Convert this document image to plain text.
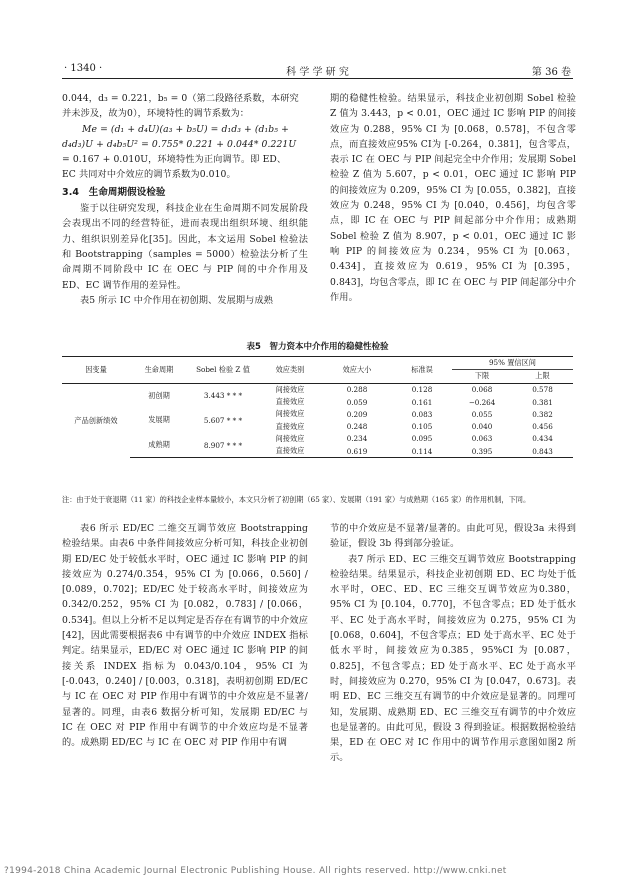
· 1340 ·	科 学 学 研 究	第 36 卷

0.044，d₃ = 0.221，b₅ = 0（第二段路径系数，本研究

并未涉及，故为0），环境特性的调节系数为：

Me = (d₁ + d₄U)(a₃ + b₅U) = d₁d₃ + (d₁b₅ +

d₄d₃)U + d₄b₅U² = 0.755* 0.221 + 0.044* 0.221U

= 0.167 + 0.010U，环境特性为正向调节。即 ED、

EC 共同对中介效应的调节系数为0.010。

3.4　生命周期假设检验

鉴于以往研究发现，科技企业在生命周期不同发展阶段会表现出不同的经营特征，进而表现出组织环境、组织能力、组织识别差异化[35]。因此，本文运用 Sobel 检验法和 Bootstrapping（samples = 5000）检验法分析了生命周期不同阶段中 IC 在 OEC 与 PIP 间的中介作用及 ED、EC 调节作用的差异性。

表5 所示 IC 中介作用在初创期、发展期与成熟

期的稳健性检验。结果显示，科技企业初创期 Sobel 检验 Z 值为 3.443，p < 0.01，OEC 通过 IC 影响 PIP 的间接效应为 0.288，95% CI 为 [0.068，0.578]，不包含零点，而直接效应95% CI为 [-0.264，0.381]，包含零点，表示 IC 在 OEC 与 PIP 间起完全中介作用；发展期 Sobel 检验 Z 值为 5.607，p < 0.01，OEC 通过 IC 影响 PIP 的间接效应为 0.209，95% CI 为 [0.055，0.382]，直接效应为 0.248，95% CI 为 [0.040，0.456]，均包含零点，即 IC 在 OEC 与 PIP 间起部分中介作用；成熟期 Sobel 检验 Z 值为 8.907，p < 0.01，OEC 通过 IC 影响 PIP 的间接效应为 0.234，95% CI 为 [0.063，0.434]，直接效应为 0.619，95% CI 为 [0.395，0.843]，均包含零点，即 IC 在 OEC 与 PIP 间起部分中介作用。

表5　智力资本中介作用的稳健性检验
因变量	生命周期	Sobel 检验 Z 值	效应类别	效应大小	标准误	95% 置信区间	
						下限	上限
产品创新绩效	初创期	3.443 * * *	间接效应	0.288	0.128	0.068	0.578
			直接效应	0.059	0.161	−0.264	0.381
	发展期	5.607 * * *	间接效应	0.209	0.083	0.055	0.382
			直接效应	0.248	0.105	0.040	0.456
	成熟期	8.907 * * *	间接效应	0.234	0.095	0.063	0.434
			直接效应	0.619	0.114	0.395	0.843
注：由于处于衰退期（11 家）的科技企业样本量较小，本文只分析了初创期（65 家）、发展期（191 家）与成熟期（165 家）的作用机制，下同。

表6 所示 ED/EC 二维交互调节效应 Bootstrapping 检验结果。由表6 中条件间接效应分析可知，科技企业初创期 ED/EC 处于较低水平时，OEC 通过 IC 影响 PIP 的间接效应为 0.274/0.354，95% CI 为 [0.066，0.560] / [0.089，0.702]；ED/EC 处于较高水平时，间接效应为 0.342/0.252，95% CI 为 [0.082，0.783] / [0.066，0.534]。但以上分析不足以判定是否存在有调节的中介效应[42]，因此需要根据表6 中有调节的中介效应 INDEX 指标判定。结果显示，ED/EC 对 OEC 通过 IC 影响 PIP 的间接关系 INDEX 指标为 0.043/0.104，95% CI 为 [-0.043，0.240] / [0.003，0.318]，表明初创期 ED/EC 与 IC 在 OEC 对 PIP 作用中有调节的中介效应是不显著/显著的。同理，由表6 数据分析可知，发展期 ED/EC 与 IC 在 OEC 对 PIP 作用中有调节的中介效应均是不显著的。成熟期 ED/EC 与 IC 在 OEC 对 PIP 作用中有调

节的中介效应是不显著/显著的。由此可见，假设3a 未得到验证，假设 3b 得到部分验证。

表7 所示 ED、EC 三维交互调节效应 Bootstrapping 检验结果。结果显示，科技企业初创期 ED、EC 均处于低水平时，OEC、ED、EC 三维交互调节效应为0.380，95% CI 为 [0.104，0.770]，不包含零点；ED 处于低水平、EC 处于高水平时，间接效应为 0.275，95% CI 为 [0.068，0.604]，不包含零点；ED 处于高水平、EC 处于低水平时，间接效应为0.385，95%CI 为 [0.087，0.825]，不包含零点；ED 处于高水平、EC 处于高水平时，间接效应为 0.270，95% CI 为 [0.047，0.673]。表明 ED、EC 三维交互有调节的中介效应是显著的。同理可知，发展期、成熟期 ED、EC 三维交互有调节的中介效应也是显著的。由此可见，假设 3 得到验证。根据数据检验结果，ED 在 OEC 对 IC 作用中的调节作用示意图如图2 所示。

?1994-2018 China Academic Journal Electronic Publishing House. All rights reserved. http://www.cnki.net
